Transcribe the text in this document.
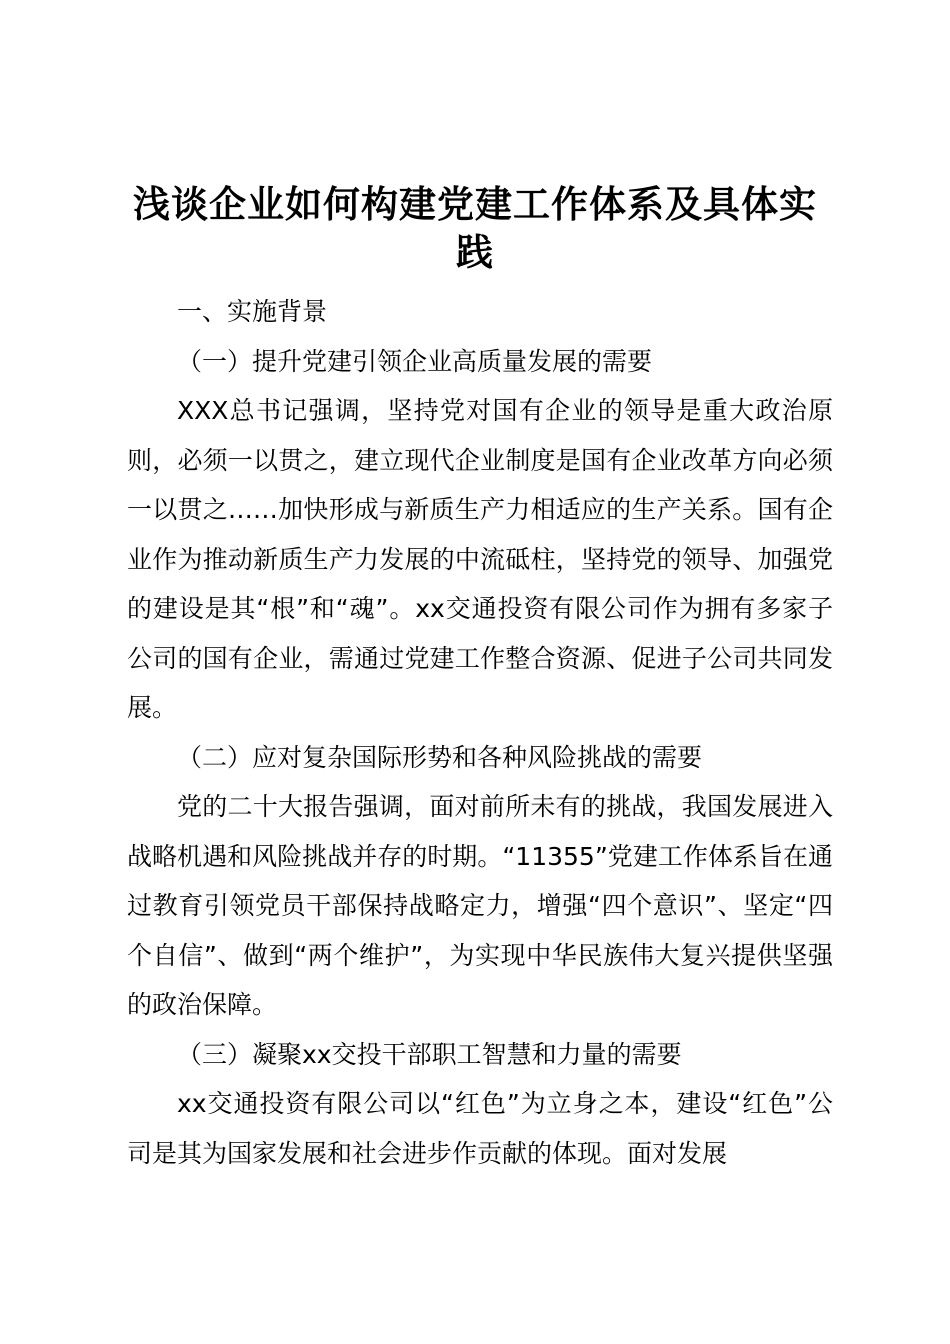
浅谈企业如何构建党建工作体系及具体实践

一、实施背景

（一）提升党建引领企业高质量发展的需要

XXX总书记强调，坚持党对国有企业的领导是重大政治原则，必须一以贯之，建立现代企业制度是国有企业改革方向必须一以贯之……加快形成与新质生产力相适应的生产关系。国有企业作为推动新质生产力发展的中流砥柱，坚持党的领导、加强党的建设是其“根”和“魂”。xx交通投资有限公司作为拥有多家子公司的国有企业，需通过党建工作整合资源、促进子公司共同发展。

（二）应对复杂国际形势和各种风险挑战的需要

党的二十大报告强调，面对前所未有的挑战，我国发展进入战略机遇和风险挑战并存的时期。“11355”党建工作体系旨在通过教育引领党员干部保持战略定力，增强“四个意识”、坚定“四个自信”、做到“两个维护”，为实现中华民族伟大复兴提供坚强的政治保障。

（三）凝聚xx交投干部职工智慧和力量的需要

xx交通投资有限公司以“红色”为立身之本，建设“红色”公司是其为国家发展和社会进步作贡献的体现。面对发展
